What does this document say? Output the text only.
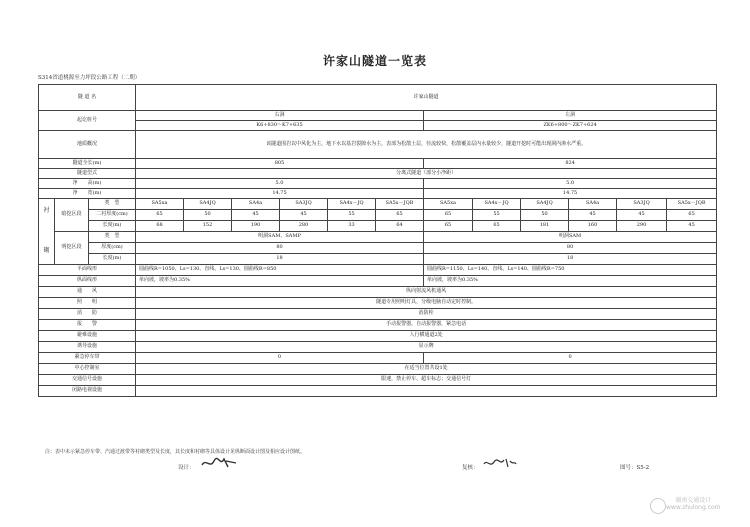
许家山隧道一览表
S314省道桃源至力坪段公路工程（二期）
隧 道 名			许家山隧道											
起讫桩号			右洞						左洞					
			K6+830～K7+635						ZK6+800～ZK7+624					
地质概况			该隧道围岩以中风化为主，地下水以基岩裂隙水为主，表部为松散土层，径流较快，松散覆盖层内水量较少，隧道开挖时可能出现洞内渗水严重。											
隧道全长(m)			805						824					
隧道型式			分离式隧道（部分小净距）											
净　　高(m)			5.0						5.0					
净　　宽(m)			14.75						14.75					
衬

砌	暗挖区段	类　型	SA5xa	SA4JQ	SA4a	SA3JQ	SA4x－JQ	SA5x－JQB	SA5xa	SA4x－JQ	SA4JQ	SA4a	SA3JQ	SA5x－JQB
		二衬厚度(cm)	65	50	45	45	55	65	65	55	50	45	45	65
		长度(m)	68	152	190	280	33	64	65	65	181	160	290	45
	明挖区段	类　型	明洞SAM、SAMP						明洞SAM					
		厚度(cm)	80						80					
		长度(m)	18						18					
平面线形			圆曲线R=1050、Ls=130、直线、Ls=130、圆曲线R=850						圆曲线R=1150、Ls=140、直线、Ls=140、圆曲线R=750					
纵面线形			单向坡，坡率为0.35%						单向坡，坡率为0.35%					
通　　风			纵向射流风机通风											
照　　明			隧道专用照明灯具，分级电脑自动定时控制。											
消　　防			消防栓											
报　　警			手动报警器，自动报警器，紧急电话											
避难设施			人行横通道2处											
诱导设施			显示牌											
紧急停车带			0						0					
中心控制室			在适当位置共设1处											
交通信号设施			限速，禁止停车、超车标志；交通信号灯											
闭路电视设施														
注：表中未示紧急停车带、汽通过渡带等衬砌类型及长度，其长度和衬砌等具体设计见纵断面设计图及相应设计图纸。
设计：	复核：	图号：S5-2
湖南交通设计
www.zhulong.com
